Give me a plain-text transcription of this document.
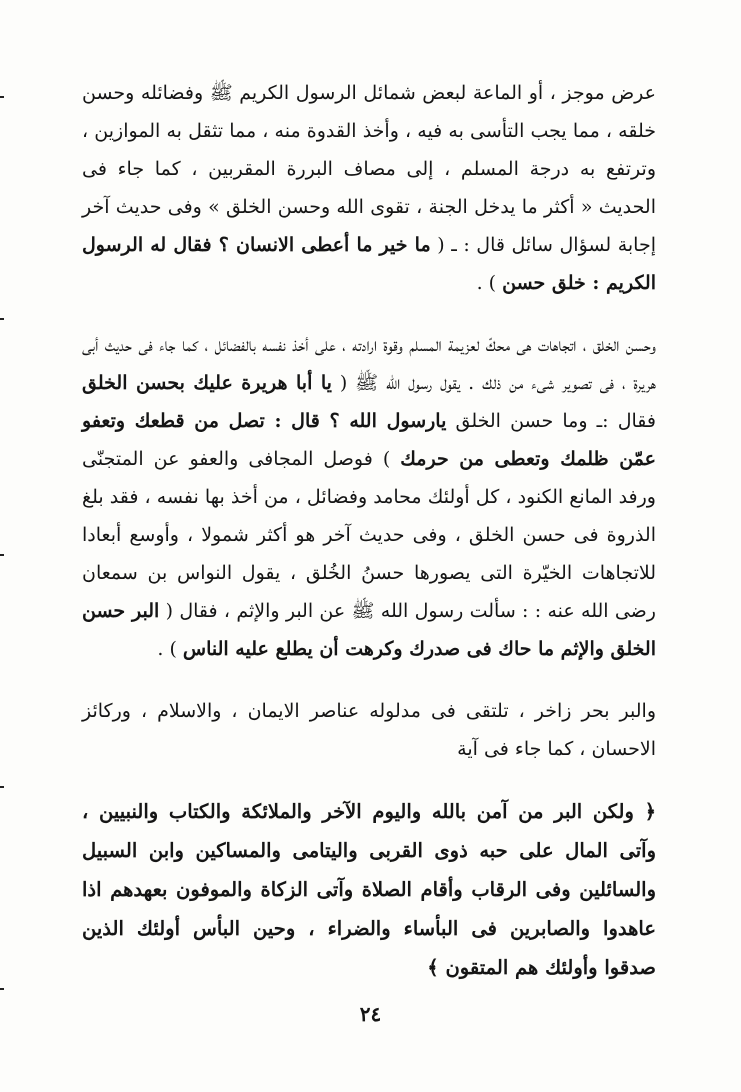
عرض موجز ، أو الماعة لبعض شمائل الرسول الكريم ﷺ وفضائله وحسن خلقه ، مما يجب التأسى به فيه ، وأخذ القدوة منه ، مما تثقل به الموازين ، وترتفع به درجة المسلم ، إلى مصاف البررة المقربين ، كما جاء فى الحديث « أكثر ما يدخل الجنة ، تقوى الله وحسن الخلق » وفى حديث آخر إجابة لسؤال سائل قال : ـ ( ما خير ما أعطى الانسان ؟ فقال له الرسول الكريم : خلق حسن ) .

وحسن الخلق ، اتجاهات هى محكّ لعزيمة المسلم وقوة ارادته ، على أخذ نفسه بالفضائل ، كما جاء فى حديث أبى هريرة ، فى تصوير شىء من ذلك . يقول رسول الله ﷺ ( يا أبا هريرة عليك بحسن الخلق فقال :ـ وما حسن الخلق يارسول الله ؟ قال : تصل من قطعك وتعفو عمّن ظلمك وتعطى من حرمك ) فوصل المجافى والعفو عن المتجنّى ورفد المانع الكنود ، كل أولئك محامد وفضائل ، من أخذ بها نفسه ، فقد بلغ الذروة فى حسن الخلق ، وفى حديث آخر هو أكثر شمولا ، وأوسع أبعادا للاتجاهات الخيّرة التى يصورها حسنُ الخُلق ، يقول النواس بن سمعان رضى الله عنه : : سألت رسول الله ﷺ عن البر والإثم ، فقال ( البر حسن الخلق والإثم ما حاك فى صدرك وكرهت أن يطلع عليه الناس ) .

والبر بحر زاخر ، تلتقى فى مدلوله عناصر الايمان ، والاسلام ، وركائز الاحسان ، كما جاء فى آية

﴿ ولكن البر من آمن بالله واليوم الآخر والملائكة والكتاب والنبيين ، وآتى المال على حبه ذوى القربى واليتامى والمساكين وابن السبيل والسائلين وفى الرقاب وأقام الصلاة وآتى الزكاة والموفون بعهدهم اذا عاهدوا والصابرين فى البأساء والضراء ، وحين البأس أولئك الذين صدقوا وأولئك هم المتقون ﴾

٢٤
